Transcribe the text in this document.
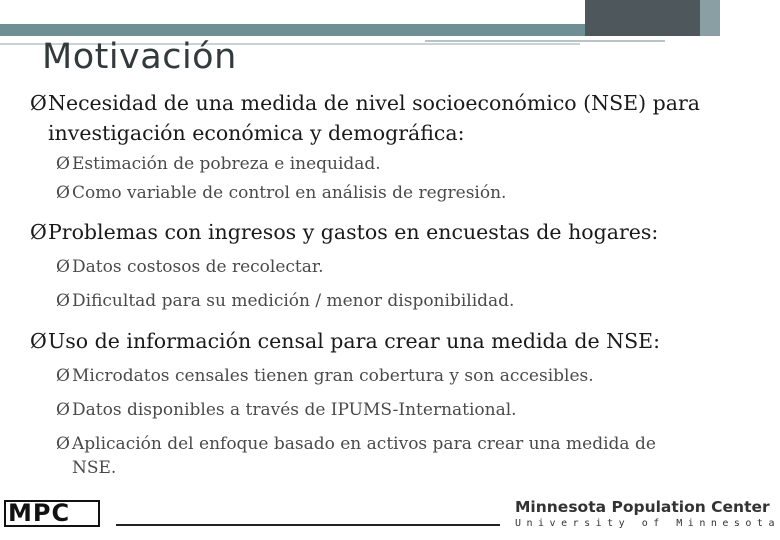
Motivación
Ø Necesidad de una medida de nivel socioeconómico (NSE) para investigación económica y demográfica:
Ø Estimación de pobreza e inequidad.
Ø Como variable de control en análisis de regresión.
Ø Problemas con ingresos y gastos en encuestas de hogares:
Ø Datos costosos de recolectar.
Ø Dificultad para su medición / menor disponibilidad.
Ø Uso de información censal para crear una medida de NSE:
Ø Microdatos censales tienen gran cobertura y son accesibles.
Ø Datos disponibles a través de IPUMS-International.
Ø Aplicación del enfoque basado en activos para crear una medida de NSE.
MPC	Minnesota Population Center
University of Minnesota
